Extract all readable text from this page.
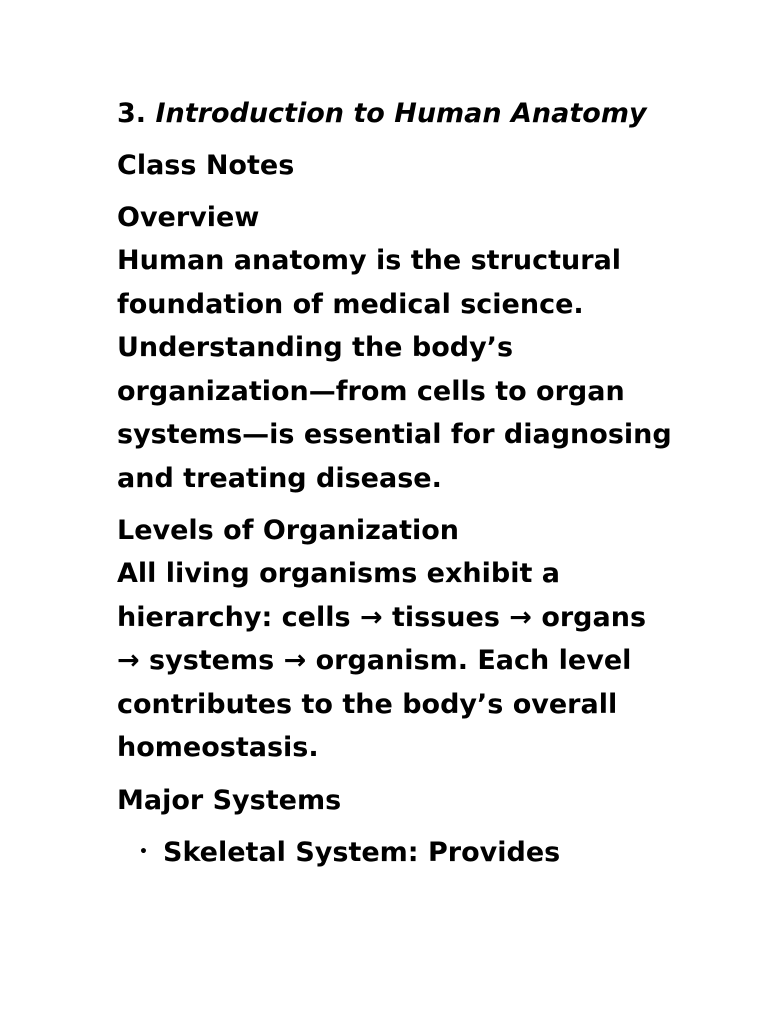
3. Introduction to Human Anatomy
Class Notes
Overview

Human anatomy is the structural foundation of medical science. Understanding the body’s organization—from cells to organ systems—is essential for diagnosing and treating disease.

Levels of Organization

All living organisms exhibit a hierarchy: cells → tissues → organs → systems → organism. Each level contributes to the body’s overall homeostasis.

Major Systems
• Skeletal System: Provides
